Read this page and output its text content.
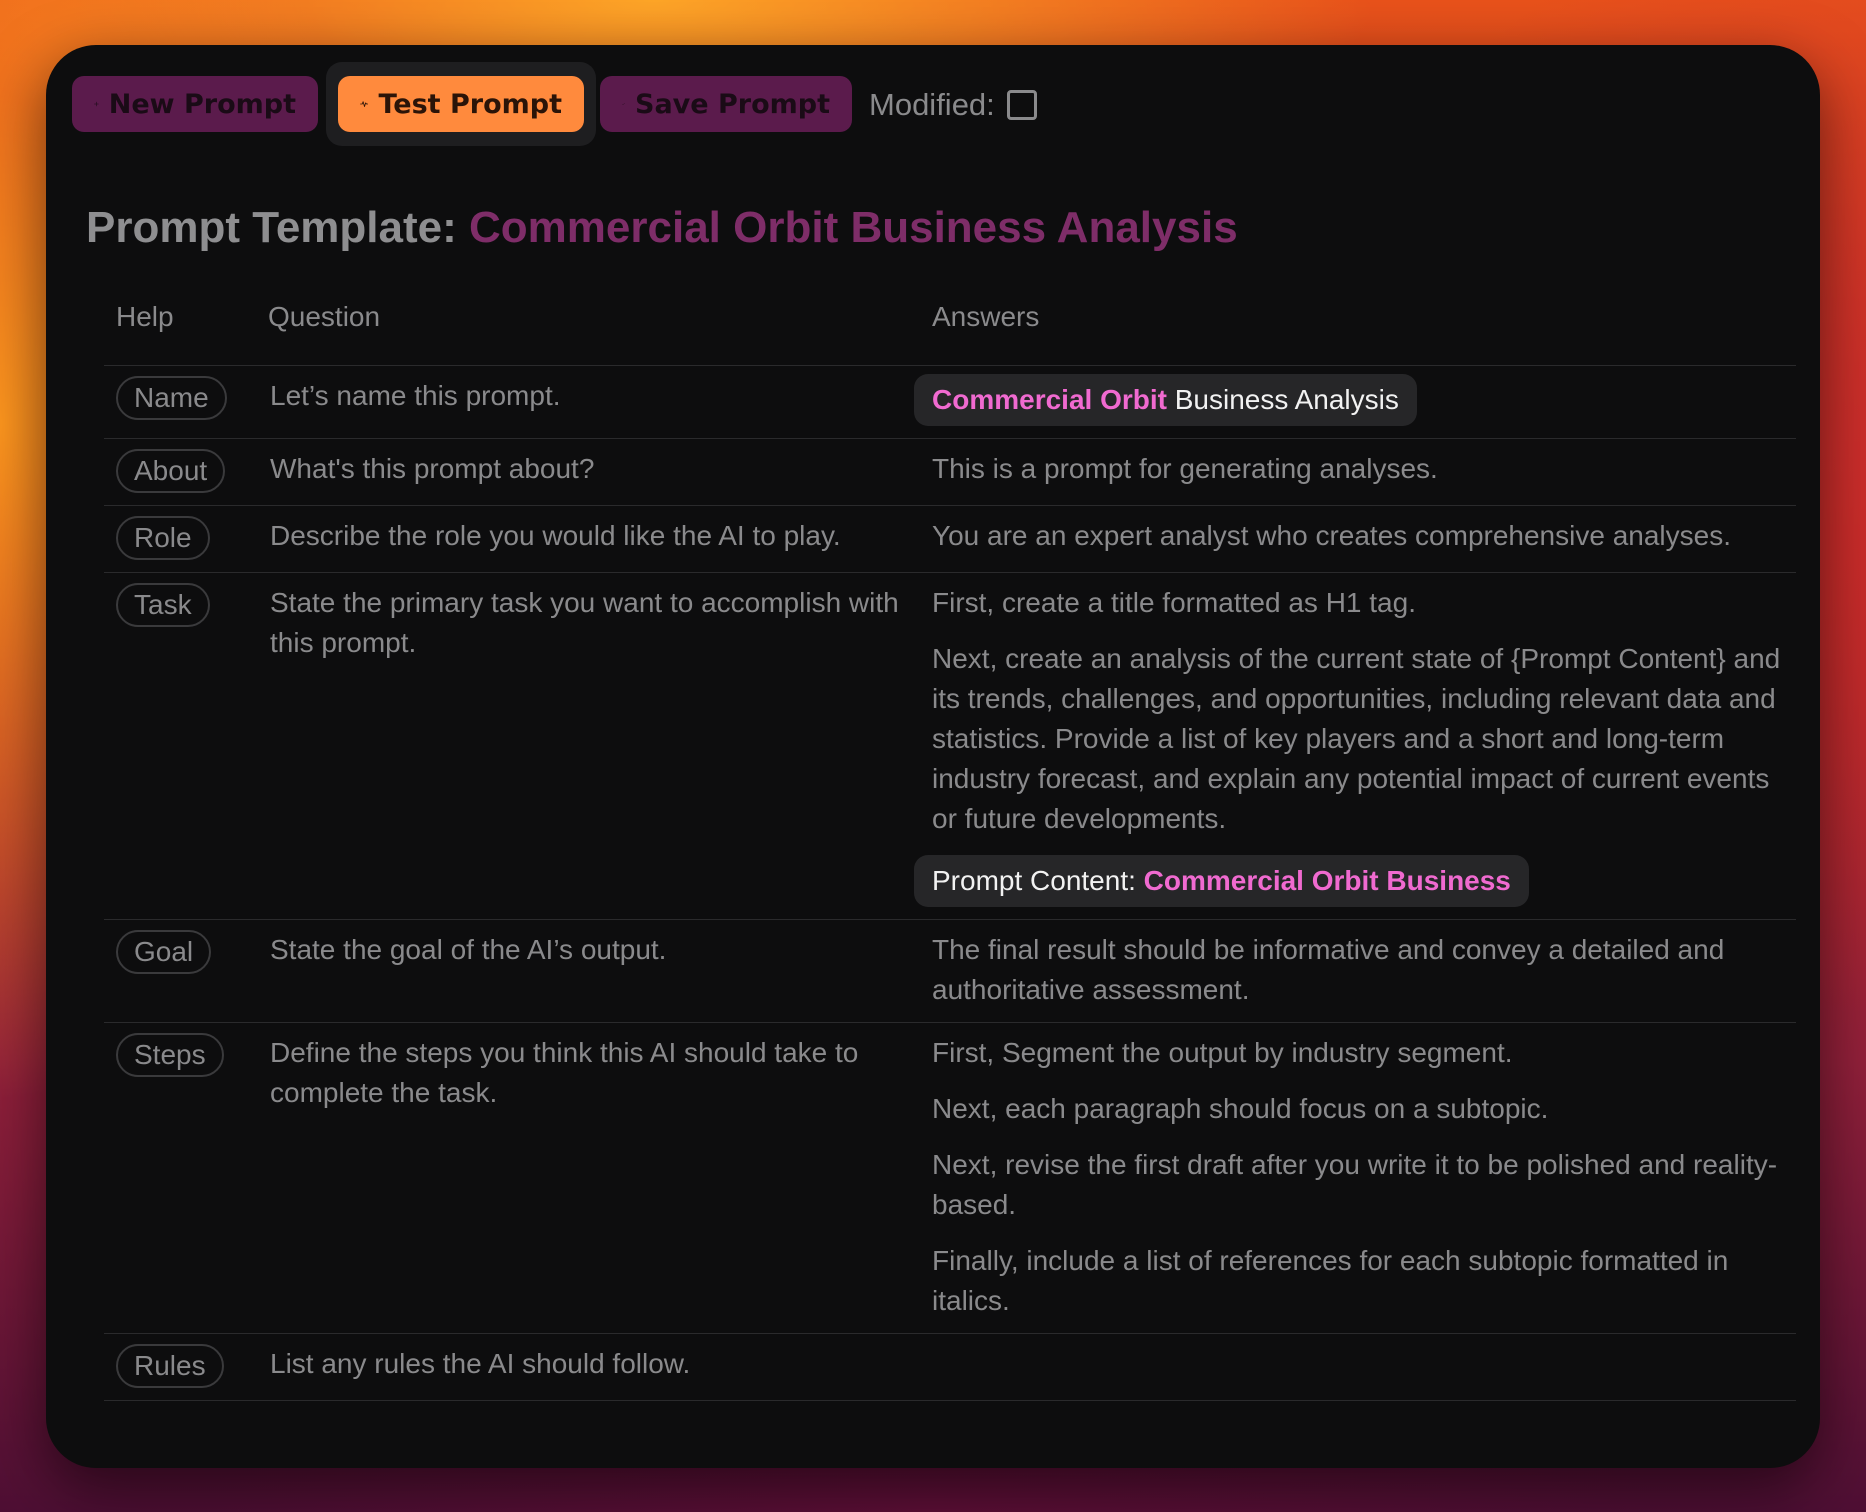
New Prompt	Test Prompt	Save Prompt Modified:
Prompt Template: Commercial Orbit Business Analysis
Help	Question	Answers
Name	Let’s name this prompt.	Commercial Orbit Business Analysis
About	What's this prompt about?	This is a prompt for generating analyses.

Role	Describe the role you would like the AI to play.	You are an expert analyst who creates comprehensive analyses.

Task	State the primary task you want to accomplish with this prompt.	First, create a title formatted as H1 tag.

Next, create an analysis of the current state of {Prompt Content} and its trends, challenges, and opportunities, including relevant data and statistics. Provide a list of key players and a short and long-term industry forecast, and explain any potential impact of current events or future developments.

Prompt Content: Commercial Orbit Business
Goal	State the goal of the AI’s output.	The final result should be informative and convey a detailed and authoritative assessment.

Steps	Define the steps you think this AI should take to complete the task.	First, Segment the output by industry segment.

Next, each paragraph should focus on a subtopic.

Next, revise the first draft after you write it to be polished and reality-based.

Finally, include a list of references for each subtopic formatted in italics.

Rules	List any rules the AI should follow.	
